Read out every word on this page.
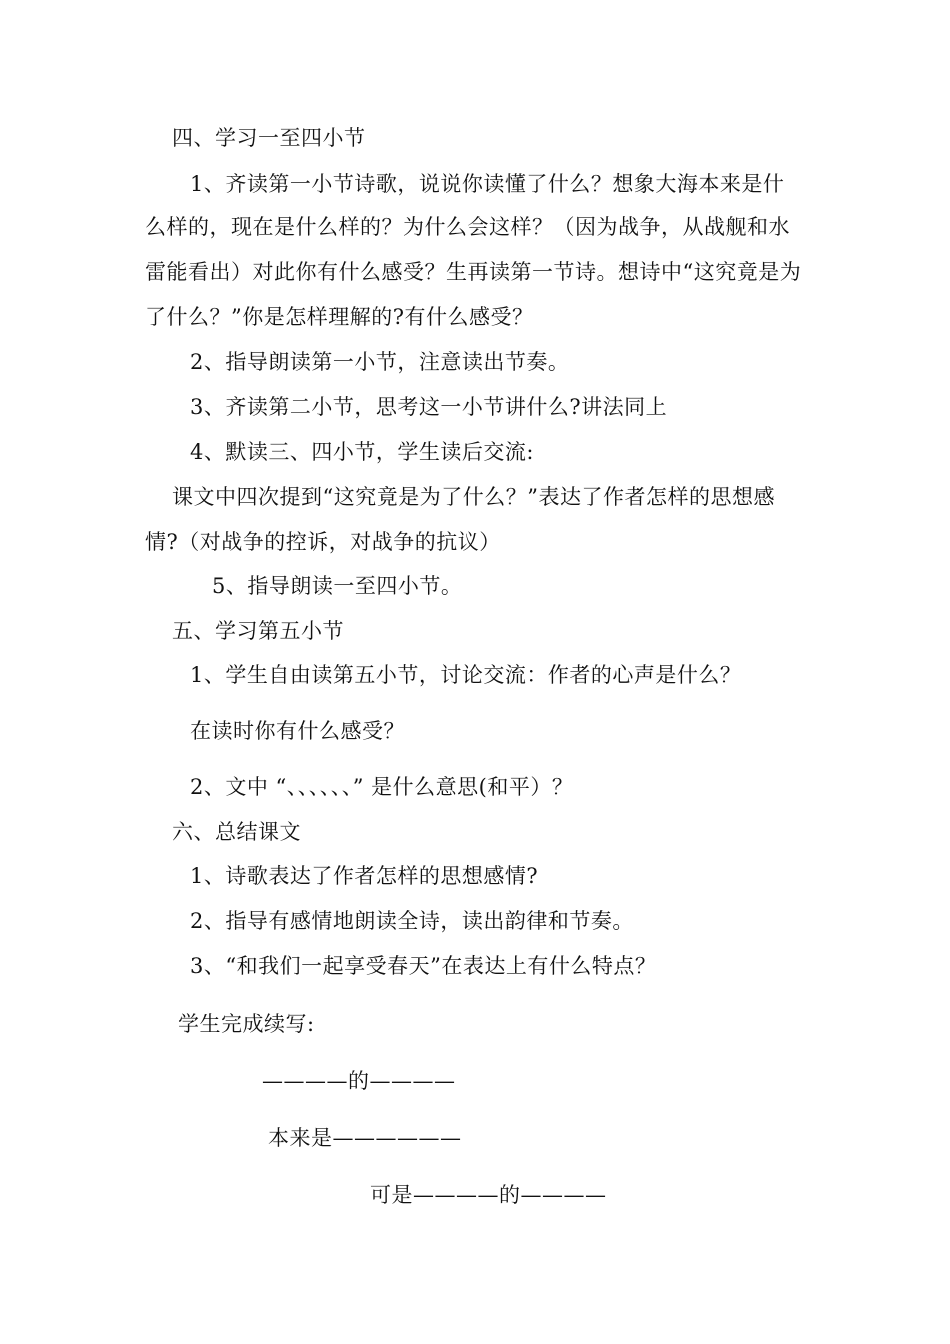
四、学习一至四小节
1、齐读第一小节诗歌，说说你读懂了什么？想象大海本来是什
么样的，现在是什么样的？为什么会这样？（因为战争，从战舰和水
雷能看出）对此你有什么感受？生再读第一节诗。想诗中“这究竟是为
了什么？”你是怎样理解的?有什么感受？
2、指导朗读第一小节，注意读出节奏。
3、齐读第二小节，思考这一小节讲什么?讲法同上
4、默读三、四小节，学生读后交流:
课文中四次提到“这究竟是为了什么？”表达了作者怎样的思想感
情?（对战争的控诉，对战争的抗议）
5、指导朗读一至四小节。
五、学习第五小节
1、学生自由读第五小节，讨论交流：作者的心声是什么？
在读时你有什么感受？
2、文中 “、、、、、、” 是什么意思(和平）？
六、总结课文
1、诗歌表达了作者怎样的思想感情?
2、指导有感情地朗读全诗，读出韵律和节奏。
3、“和我们一起享受春天”在表达上有什么特点？
学生完成续写:
————的————
本来是——————
可是————的————
